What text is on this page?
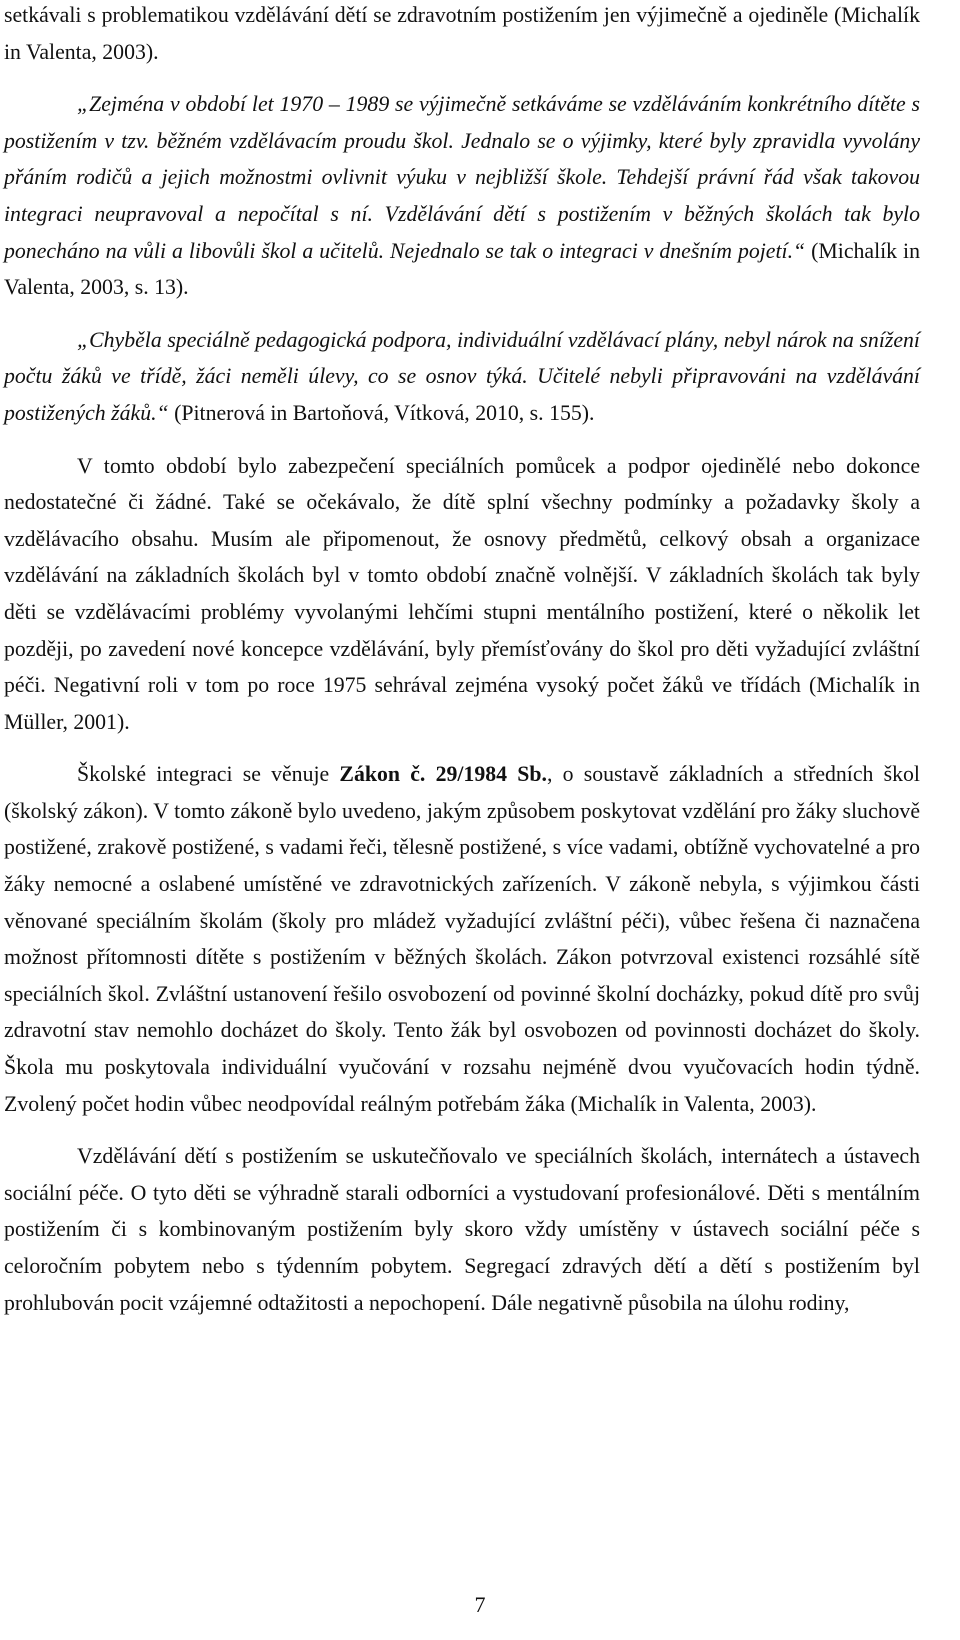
setkávali s problematikou vzdělávání dětí se zdravotním postižením jen výjimečně a ojediněle (Michalík in Valenta, 2003).

„Zejména v období let 1970 – 1989 se výjimečně setkáváme se vzděláváním konkrétního dítěte s postižením v tzv. běžném vzdělávacím proudu škol. Jednalo se o výjimky, které byly zpravidla vyvolány přáním rodičů a jejich možnostmi ovlivnit výuku v nejbližší škole. Tehdejší právní řád však takovou integraci neupravoval a nepočítal s ní. Vzdělávání dětí s postižením v běžných školách tak bylo ponecháno na vůli a libovůli škol a učitelů. Nejednalo se tak o integraci v dnešním pojetí.“ (Michalík in Valenta, 2003, s. 13).

„Chyběla speciálně pedagogická podpora, individuální vzdělávací plány, nebyl nárok na snížení počtu žáků ve třídě, žáci neměli úlevy, co se osnov týká. Učitelé nebyli připravováni na vzdělávání postižených žáků.“ (Pitnerová in Bartoňová, Vítková, 2010, s. 155).

V tomto období bylo zabezpečení speciálních pomůcek a podpor ojedinělé nebo dokonce nedostatečné či žádné. Také se očekávalo, že dítě splní všechny podmínky a požadavky školy a vzdělávacího obsahu. Musím ale připomenout, že osnovy předmětů, celkový obsah a organizace vzdělávání na základních školách byl v tomto období značně volnější. V základních školách tak byly děti se vzdělávacími problémy vyvolanými lehčími stupni mentálního postižení, které o několik let později, po zavedení nové koncepce vzdělávání, byly přemísťovány do škol pro děti vyžadující zvláštní péči. Negativní roli v tom po roce 1975 sehrával zejména vysoký počet žáků ve třídách (Michalík in Müller, 2001).

Školské integraci se věnuje Zákon č. 29/1984 Sb., o soustavě základních a středních škol (školský zákon). V tomto zákoně bylo uvedeno, jakým způsobem poskytovat vzdělání pro žáky sluchově postižené, zrakově postižené, s vadami řeči, tělesně postižené, s více vadami, obtížně vychovatelné a pro žáky nemocné a oslabené umístěné ve zdravotnických zařízeních. V zákoně nebyla, s výjimkou části věnované speciálním školám (školy pro mládež vyžadující zvláštní péči), vůbec řešena či naznačena možnost přítomnosti dítěte s postižením v běžných školách. Zákon potvrzoval existenci rozsáhlé sítě speciálních škol. Zvláštní ustanovení řešilo osvobození od povinné školní docházky, pokud dítě pro svůj zdravotní stav nemohlo docházet do školy. Tento žák byl osvobozen od povinnosti docházet do školy. Škola mu poskytovala individuální vyučování v rozsahu nejméně dvou vyučovacích hodin týdně. Zvolený počet hodin vůbec neodpovídal reálným potřebám žáka (Michalík in Valenta, 2003).

Vzdělávání dětí s postižením se uskutečňovalo ve speciálních školách, internátech a ústavech sociální péče. O tyto děti se výhradně starali odborníci a vystudovaní profesionálové. Děti s mentálním postižením či s kombinovaným postižením byly skoro vždy umístěny v ústavech sociální péče s celoročním pobytem nebo s týdenním pobytem. Segregací zdravých dětí a dětí s postižením byl prohlubován pocit vzájemné odtažitosti a nepochopení. Dále negativně působila na úlohu rodiny,

7
